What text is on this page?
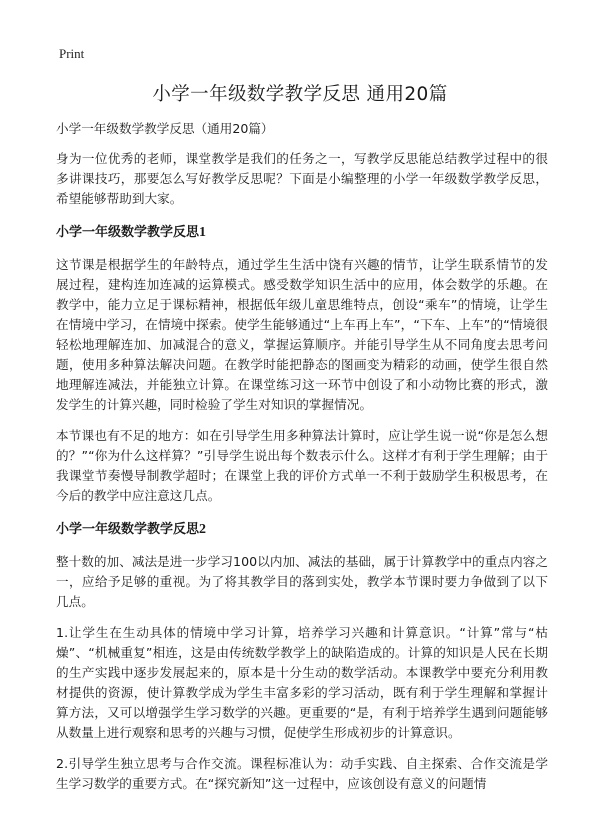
Print
小学一年级数学教学反思 通用20篇

小学一年级数学教学反思（通用20篇）

身为一位优秀的老师，课堂教学是我们的任务之一，写教学反思能总结教学过程中的很多讲课技巧，那要怎么写好教学反思呢？下面是小编整理的小学一年级数学教学反思，希望能够帮助到大家。

小学一年级数学教学反思1

这节课是根据学生的年龄特点，通过学生生活中饶有兴趣的情节，让学生联系情节的发展过程，建构连加连减的运算模式。感受数学知识生活中的应用，体会数学的乐趣。在教学中，能力立足于课标精神，根据低年级儿童思维特点，创设“乘车”的情境，让学生在情境中学习，在情境中探索。使学生能够通过“上车再上车”，“下车、上车”的“情境很轻松地理解连加、加减混合的意义，掌握运算顺序。并能引导学生从不同角度去思考问题，使用多种算法解决问题。在教学时能把静态的图画变为精彩的动画，使学生很自然地理解连减法，并能独立计算。在课堂练习这一环节中创设了和小动物比赛的形式，激发学生的计算兴趣，同时检验了学生对知识的掌握情况。

本节课也有不足的地方：如在引导学生用多种算法计算时，应让学生说一说“你是怎么想的？”“你为什么这样算？”引导学生说出每个数表示什么。这样才有利于学生理解；由于我课堂节奏慢导制教学超时；在课堂上我的评价方式单一不利于鼓励学生积极思考，在今后的教学中应注意这几点。

小学一年级数学教学反思2

整十数的加、减法是进一步学习100以内加、减法的基础，属于计算教学中的重点内容之一，应给予足够的重视。为了将其教学目的落到实处，教学本节课时要力争做到了以下几点。

1.让学生在生动具体的情境中学习计算，培养学习兴趣和计算意识。“计算”常与“枯燥”、“机械重复”相连，这是由传统数学教学上的缺陷造成的。计算的知识是人民在长期的生产实践中逐步发展起来的，原本是十分生动的数学活动。本课教学中要充分利用教材提供的资源，使计算教学成为学生丰富多彩的学习活动，既有利于学生理解和掌握计算方法，又可以增强学生学习数学的兴趣。更重要的“是，有利于培养学生遇到问题能够从数量上进行观察和思考的兴趣与习惯，促使学生形成初步的计算意识。

2.引导学生独立思考与合作交流。课程标准认为：动手实践、自主探索、合作交流是学生学习数学的重要方式。在“探究新知”这一过程中，应该创设有意义的问题情
